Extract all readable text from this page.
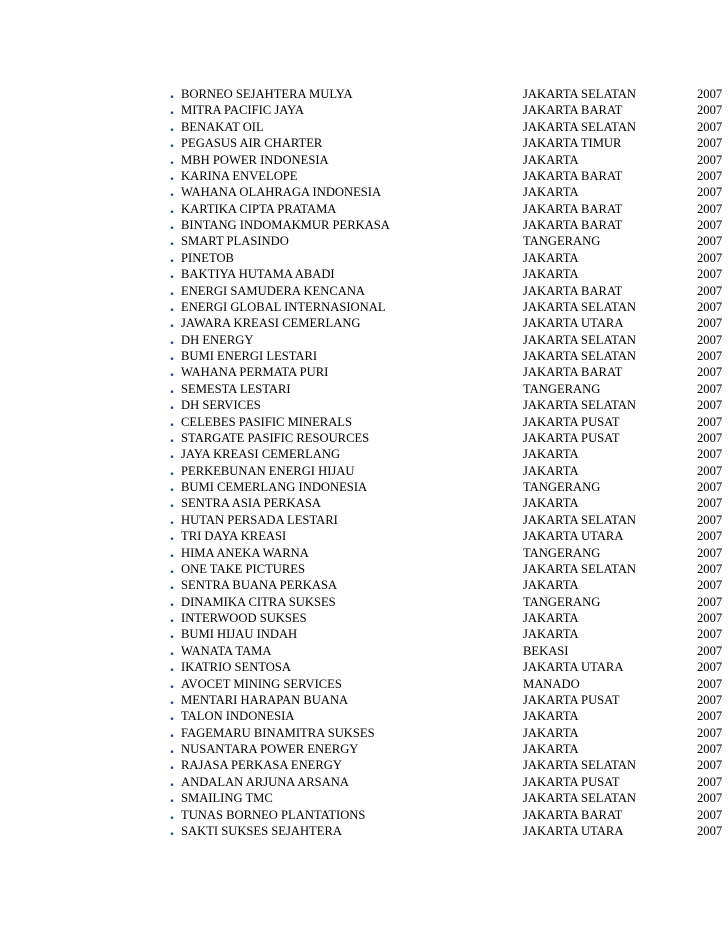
. BORNEO SEJAHTERA MULYA	JAKARTA SELATAN	2007
. MITRA PACIFIC JAYA	JAKARTA BARAT	2007
. BENAKAT OIL	JAKARTA SELATAN	2007
. PEGASUS AIR CHARTER	JAKARTA TIMUR	2007
. MBH POWER INDONESIA	JAKARTA	2007
. KARINA ENVELOPE	JAKARTA BARAT	2007
. WAHANA OLAHRAGA INDONESIA	JAKARTA	2007
. KARTIKA CIPTA PRATAMA	JAKARTA BARAT	2007
. BINTANG INDOMAKMUR PERKASA	JAKARTA BARAT	2007
. SMART PLASINDO	TANGERANG	2007
. PINETOB	JAKARTA	2007
. BAKTIYA HUTAMA ABADI	JAKARTA	2007
. ENERGI SAMUDERA KENCANA	JAKARTA BARAT	2007
. ENERGI GLOBAL INTERNASIONAL	JAKARTA SELATAN	2007
. JAWARA KREASI CEMERLANG	JAKARTA UTARA	2007
. DH ENERGY	JAKARTA SELATAN	2007
. BUMI ENERGI LESTARI	JAKARTA SELATAN	2007
. WAHANA PERMATA PURI	JAKARTA BARAT	2007
. SEMESTA LESTARI	TANGERANG	2007
. DH SERVICES	JAKARTA SELATAN	2007
. CELEBES PASIFIC MINERALS	JAKARTA PUSAT	2007
. STARGATE PASIFIC RESOURCES	JAKARTA PUSAT	2007
. JAYA KREASI CEMERLANG	JAKARTA	2007
. PERKEBUNAN ENERGI HIJAU	JAKARTA	2007
. BUMI CEMERLANG INDONESIA	TANGERANG	2007
. SENTRA ASIA PERKASA	JAKARTA	2007
. HUTAN PERSADA LESTARI	JAKARTA SELATAN	2007
. TRI DAYA KREASI	JAKARTA UTARA	2007
. HIMA ANEKA WARNA	TANGERANG	2007
. ONE TAKE PICTURES	JAKARTA SELATAN	2007
. SENTRA BUANA PERKASA	JAKARTA	2007
. DINAMIKA CITRA SUKSES	TANGERANG	2007
. INTERWOOD SUKSES	JAKARTA	2007
. BUMI HIJAU INDAH	JAKARTA	2007
. WANATA TAMA	BEKASI	2007
. IKATRIO SENTOSA	JAKARTA UTARA	2007
. AVOCET MINING SERVICES	MANADO	2007
. MENTARI HARAPAN BUANA	JAKARTA PUSAT	2007
. TALON INDONESIA	JAKARTA	2007
. FAGEMARU BINAMITRA SUKSES	JAKARTA	2007
. NUSANTARA POWER ENERGY	JAKARTA	2007
. RAJASA PERKASA ENERGY	JAKARTA SELATAN	2007
. ANDALAN ARJUNA ARSANA	JAKARTA PUSAT	2007
. SMAILING TMC	JAKARTA SELATAN	2007
. TUNAS BORNEO PLANTATIONS	JAKARTA BARAT	2007
. SAKTI SUKSES SEJAHTERA	JAKARTA UTARA	2007
